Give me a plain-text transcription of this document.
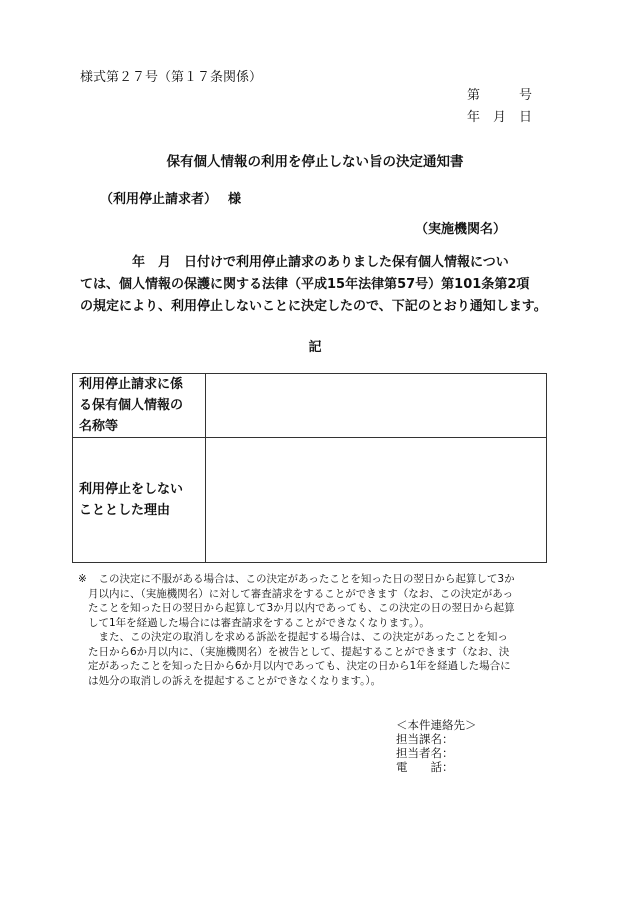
様式第２７号（第１７条関係）
第　　　号
年　月　日
保有個人情報の利用を停止しない旨の決定通知書
（利用停止請求者） 様
（実施機関名）
　　　　年　月　日付けで利用停止請求のありました保有個人情報につい
ては、個人情報の保護に関する法律（平成15年法律第57号）第101条第2項
の規定により、利用停止しないことに決定したので、下記のとおり通知します。
記
利用停止請求に係
る保有個人情報の
名称等	

利用停止をしない
こととした理由	

※ 　この決定に不服がある場合は、この決定があったことを知った日の翌日から起算して3か
月以内に、（実施機関名）に対して審査請求をすることができます（なお、この決定があっ
たことを知った日の翌日から起算して3か月以内であっても、この決定の日の翌日から起算
して1年を経過した場合には審査請求をすることができなくなります。）。
　また、この決定の取消しを求める訴訟を提起する場合は、この決定があったことを知っ
た日から6か月以内に、（実施機関名）を被告として、提起することができます（なお、決
定があったことを知った日から6か月以内であっても、決定の日から1年を経過した場合に
は処分の取消しの訴えを提起することができなくなります。）。
＜本件連絡先＞
担当課名：
担当者名：
電　　話：
